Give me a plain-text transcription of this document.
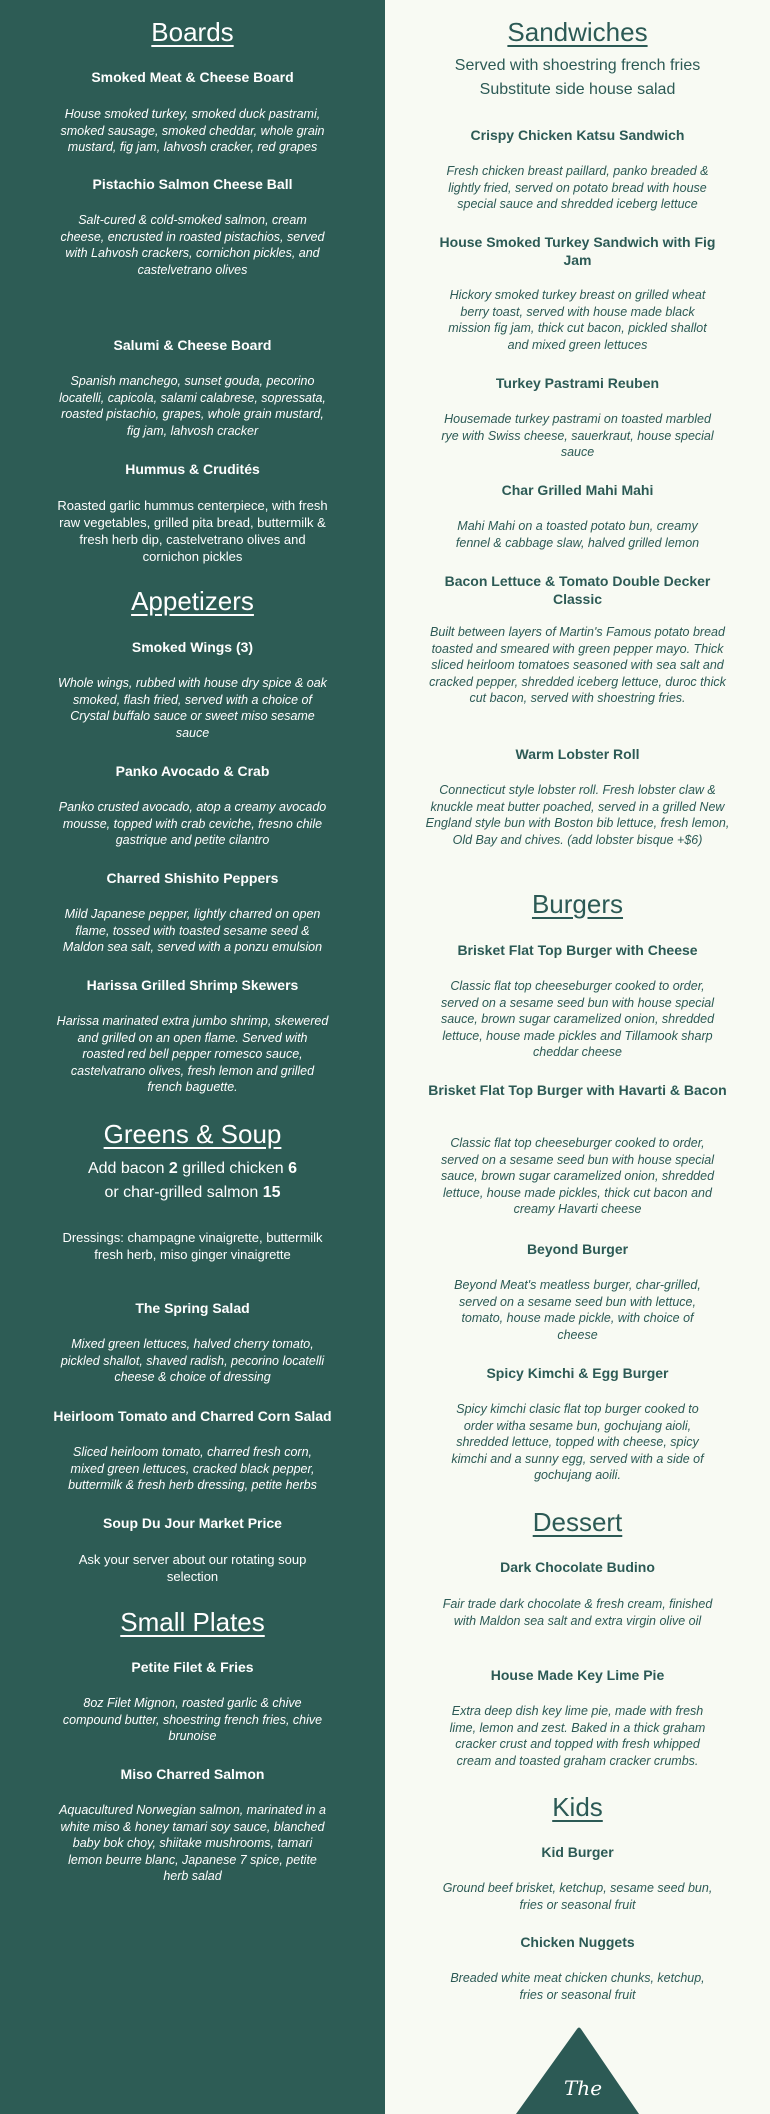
Boards
Smoked Meat & Cheese Board
House smoked turkey, smoked duck pastrami, smoked sausage, smoked cheddar, whole grain mustard, fig jam, lahvosh cracker, red grapes
Pistachio Salmon Cheese Ball
Salt-cured & cold-smoked salmon, cream cheese, encrusted in roasted pistachios, served with Lahvosh crackers, cornichon pickles, and castelvetrano olives
Salumi & Cheese Board
Spanish manchego, sunset gouda, pecorino locatelli, capicola, salami calabrese, sopressata, roasted pistachio, grapes, whole grain mustard, fig jam, lahvosh cracker
Hummus & Crudités
Roasted garlic hummus centerpiece, with fresh raw vegetables, grilled pita bread, buttermilk & fresh herb dip, castelvetrano olives and cornichon pickles
Appetizers
Smoked Wings (3)
Whole wings, rubbed with house dry spice & oak smoked, flash fried, served with a choice of Crystal buffalo sauce or sweet miso sesame sauce
Panko Avocado & Crab
Panko crusted avocado, atop a creamy avocado mousse, topped with crab ceviche, fresno chile gastrique and petite cilantro
Charred Shishito Peppers
Mild Japanese pepper, lightly charred on open flame, tossed with toasted sesame seed & Maldon sea salt, served with a ponzu emulsion
Harissa Grilled Shrimp Skewers
Harissa marinated extra jumbo shrimp, skewered and grilled on an open flame. Served with roasted red bell pepper romesco sauce, castelvatrano olives, fresh lemon and grilled french baguette.
Greens & Soup
Add bacon 2 grilled chicken 6
or char-grilled salmon 15
Dressings: champagne vinaigrette, buttermilk fresh herb, miso ginger vinaigrette
The Spring Salad
Mixed green lettuces, halved cherry tomato, pickled shallot, shaved radish, pecorino locatelli cheese & choice of dressing
Heirloom Tomato and Charred Corn Salad
Sliced heirloom tomato, charred fresh corn, mixed green lettuces, cracked black pepper, buttermilk & fresh herb dressing, petite herbs
Soup Du Jour Market Price
Ask your server about our rotating soup selection
Small Plates
Petite Filet & Fries
8oz Filet Mignon, roasted garlic & chive compound butter, shoestring french fries, chive brunoise
Miso Charred Salmon
Aquacultured Norwegian salmon, marinated in a white miso & honey tamari soy sauce, blanched baby bok choy, shiitake mushrooms, tamari lemon beurre blanc, Japanese 7 spice, petite herb salad
Sandwiches
Served with shoestring french fries
Substitute side house salad
Crispy Chicken Katsu Sandwich
Fresh chicken breast paillard, panko breaded & lightly fried, served on potato bread with house special sauce and shredded iceberg lettuce
House Smoked Turkey Sandwich with Fig Jam
Hickory smoked turkey breast on grilled wheat berry toast, served with house made black mission fig jam, thick cut bacon, pickled shallot and mixed green lettuces
Turkey Pastrami Reuben
Housemade turkey pastrami on toasted marbled rye with Swiss cheese, sauerkraut, house special sauce
Char Grilled Mahi Mahi
Mahi Mahi on a toasted potato bun, creamy fennel & cabbage slaw, halved grilled lemon
Bacon Lettuce & Tomato Double Decker Classic
Built between layers of Martin's Famous potato bread toasted and smeared with green pepper mayo. Thick sliced heirloom tomatoes seasoned with sea salt and cracked pepper, shredded iceberg lettuce, duroc thick cut bacon, served with shoestring fries.
Warm Lobster Roll
Connecticut style lobster roll. Fresh lobster claw & knuckle meat butter poached, served in a grilled New England style bun with Boston bib lettuce, fresh lemon, Old Bay and chives. (add lobster bisque +$6)
Burgers
Brisket Flat Top Burger with Cheese
Classic flat top cheeseburger cooked to order, served on a sesame seed bun with house special sauce, brown sugar caramelized onion, shredded lettuce, house made pickles and Tillamook sharp cheddar cheese
Brisket Flat Top Burger with Havarti & Bacon
Classic flat top cheeseburger cooked to order, served on a sesame seed bun with house special sauce, brown sugar caramelized onion, shredded lettuce, house made pickles, thick cut bacon and creamy Havarti cheese
Beyond Burger
Beyond Meat's meatless burger, char-grilled, served on a sesame seed bun with lettuce, tomato, house made pickle, with choice of cheese
Spicy Kimchi & Egg Burger
Spicy kimchi clasic flat top burger cooked to order witha sesame bun, gochujang aioli, shredded lettuce, topped with cheese, spicy kimchi and a sunny egg, served with a side of gochujang aoili.
Dessert
Dark Chocolate Budino
Fair trade dark chocolate & fresh cream, finished with Maldon sea salt and extra virgin olive oil
House Made Key Lime Pie
Extra deep dish key lime pie, made with fresh lime, lemon and zest. Baked in a thick graham cracker crust and topped with fresh whipped cream and toasted graham cracker crumbs.
Kids
Kid Burger
Ground beef brisket, ketchup, sesame seed bun, fries or seasonal fruit
Chicken Nuggets
Breaded white meat chicken chunks, ketchup, fries or seasonal fruit
The
